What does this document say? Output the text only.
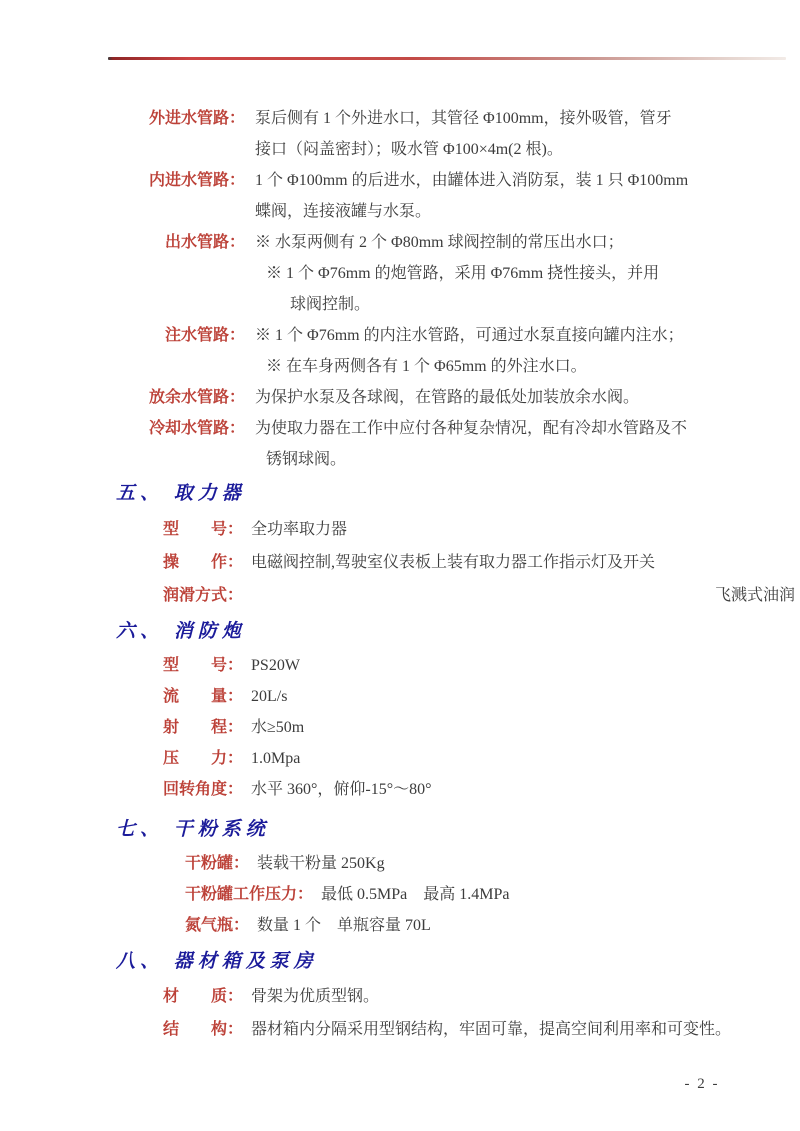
外进水管路： 泵后侧有 1 个外进水口，其管径 Φ100mm，接外吸管，管牙
接口（闷盖密封）；吸水管 Φ100×4m(2 根)。
内进水管路： 1 个 Φ100mm 的后进水，由罐体进入消防泵，装 1 只 Φ100mm
蝶阀，连接液罐与水泵。
出水管路： ※ 水泵两侧有 2 个 Φ80mm 球阀控制的常压出水口；
※ 1 个 Φ76mm 的炮管路，采用 Φ76mm 挠性接头，并用
球阀控制。
注水管路： ※ 1 个 Φ76mm 的内注水管路，可通过水泵直接向罐内注水；
※ 在车身两侧各有 1 个 Φ65mm 的外注水口。
放余水管路： 为保护水泵及各球阀，在管路的最低处加装放余水阀。
冷却水管路： 为使取力器在工作中应付各种复杂情况，配有冷却水管路及不
锈钢球阀。
五、 取力器
型　　号： 全功率取力器
操　　作： 电磁阀控制,驾驶室仪表板上装有取力器工作指示灯及开关
润滑方式：	飞溅式油润
六、 消防炮
型　　号： PS20W
流　　量： 20L/s
射　　程： 水≥50m
压　　力： 1.0Mpa
回转角度： 水平 360°，俯仰-15°～80°
七、 干粉系统
干粉罐： 装载干粉量 250Kg
干粉罐工作压力： 最低 0.5MPa　最高 1.4MPa
氮气瓶： 数量 1 个　单瓶容量 70L
八、 器材箱及泵房
材　　质： 骨架为优质型钢。
结　　构： 器材箱内分隔采用型钢结构，牢固可靠，提高空间利用率和可变性。
- 2 -
